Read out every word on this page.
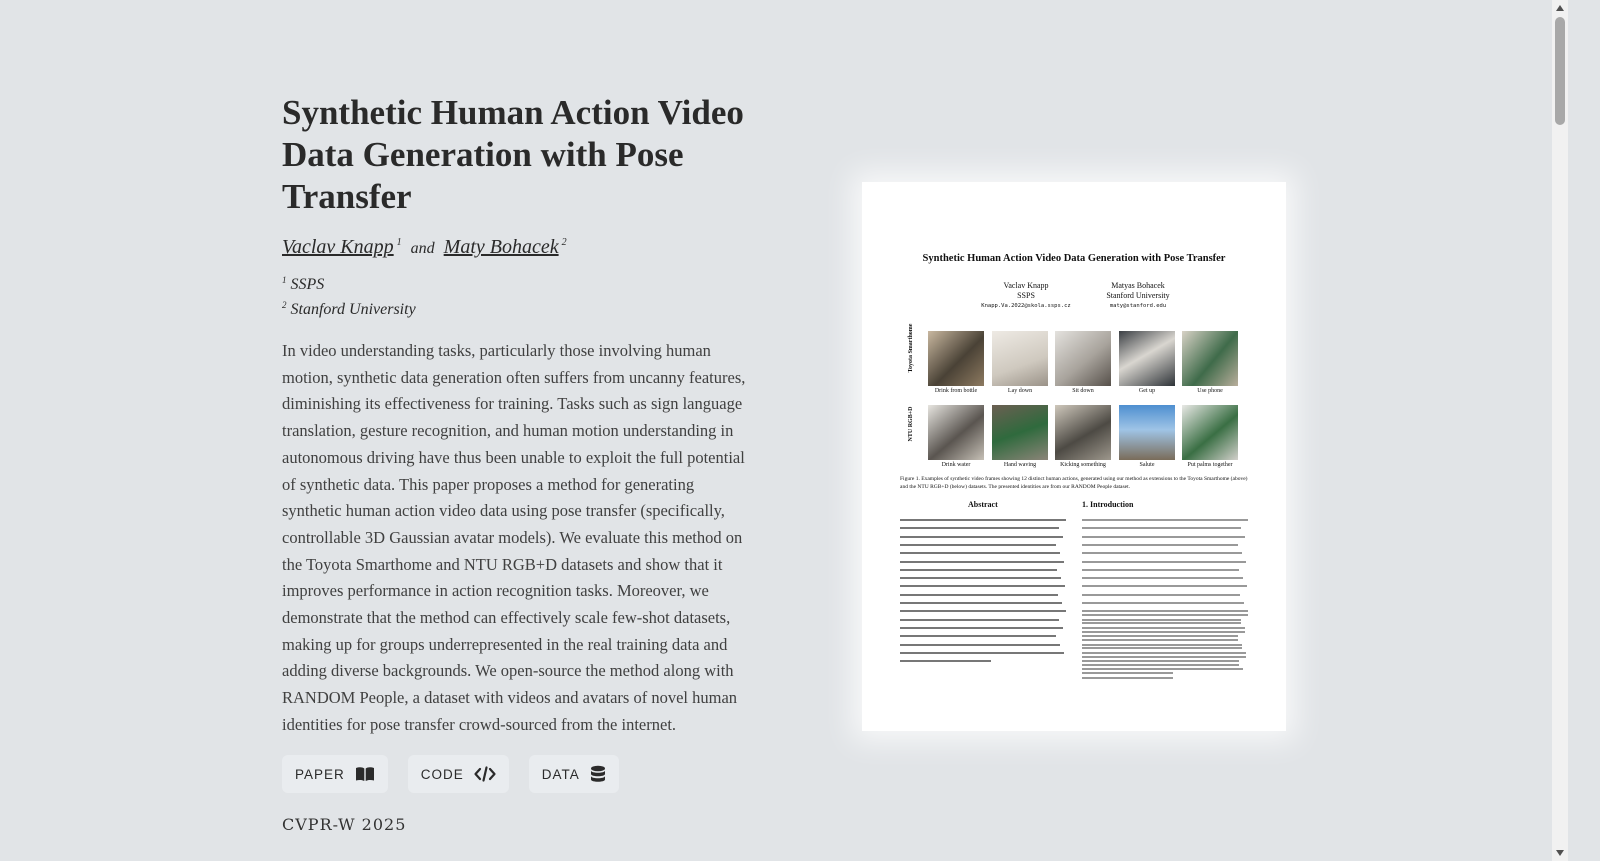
Synthetic Human Action Video Data Generation with Pose Transfer
Vaclav Knapp $^1$ and Maty Bohacek $^2$
$^1$ SSPS
$^2$ Stanford University

In video understanding tasks, particularly those involving human motion, synthetic data generation often suffers from uncanny features, diminishing its effectiveness for training. Tasks such as sign language translation, gesture recognition, and human motion understanding in autonomous driving have thus been unable to exploit the full potential of synthetic data. This paper proposes a method for generating synthetic human action video data using pose transfer (specifically, controllable 3D Gaussian avatar models). We evaluate this method on the Toyota Smarthome and NTU RGB+D datasets and show that it improves performance in action recognition tasks. Moreover, we demonstrate that the method can effectively scale few-shot datasets, making up for groups underrepresented in the real training data and adding diverse backgrounds. We open-source the method along with RANDOM People, a dataset with videos and avatars of novel human identities for pose transfer crowd-sourced from the internet.

PAPER	CODE	DATA
CVPR-W 2025
Synthetic Human Action Video Data Generation with Pose Transfer
Vaclav Knapp
SSPS
Knapp.Va.2022@skola.ssps.cz
Matyas Bohacek
Stanford University
maty@stanford.edu
Toyota Smarthome
NTU RGB+D
Drink from bottle	Lay down	Sit down	Get up	Use phone
Drink water	Hand waving	Kicking something	Salute	Put palms together
Figure 1. Examples of synthetic video frames showing 12 distinct human actions, generated using our method as extensions to the Toyota Smarthome (above) and the NTU RGB+D (below) datasets. The presented identities are from our RANDOM People dataset.
Abstract	1. Introduction
